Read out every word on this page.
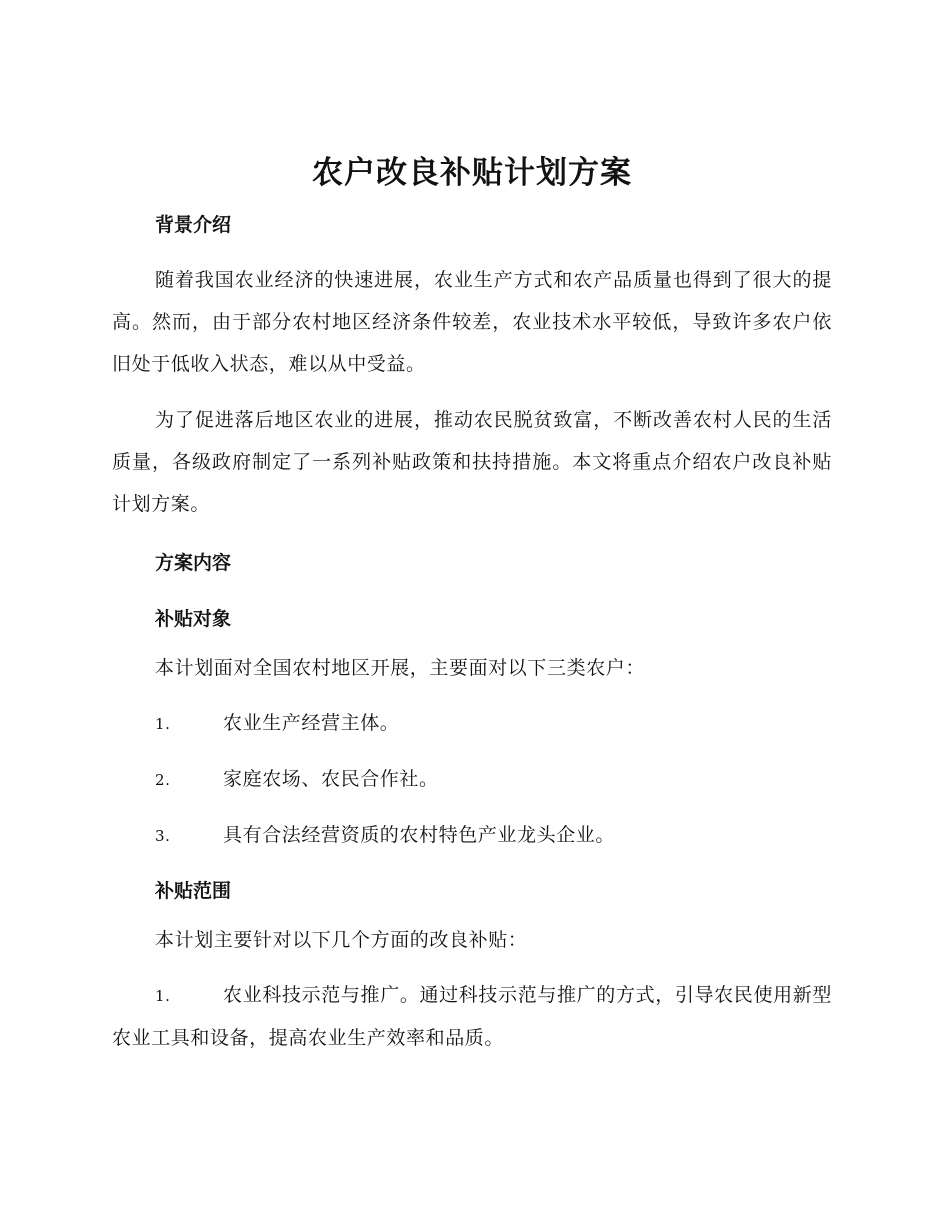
农户改良补贴计划方案
背景介绍

随着我国农业经济的快速进展，农业生产方式和农产品质量也得到了很大的提高。然而，由于部分农村地区经济条件较差，农业技术水平较低，导致许多农户依旧处于低收入状态，难以从中受益。

为了促进落后地区农业的进展，推动农民脱贫致富，不断改善农村人民的生活质量，各级政府制定了一系列补贴政策和扶持措施。本文将重点介绍农户改良补贴计划方案。

方案内容
补贴对象

本计划面对全国农村地区开展，主要面对以下三类农户：

1.	农业生产经营主体。

2.	家庭农场、农民合作社。

3.	具有合法经营资质的农村特色产业龙头企业。

补贴范围

本计划主要针对以下几个方面的改良补贴：

1.	农业科技示范与推广。通过科技示范与推广的方式，引导农民使用新型农业工具和设备，提高农业生产效率和品质。
